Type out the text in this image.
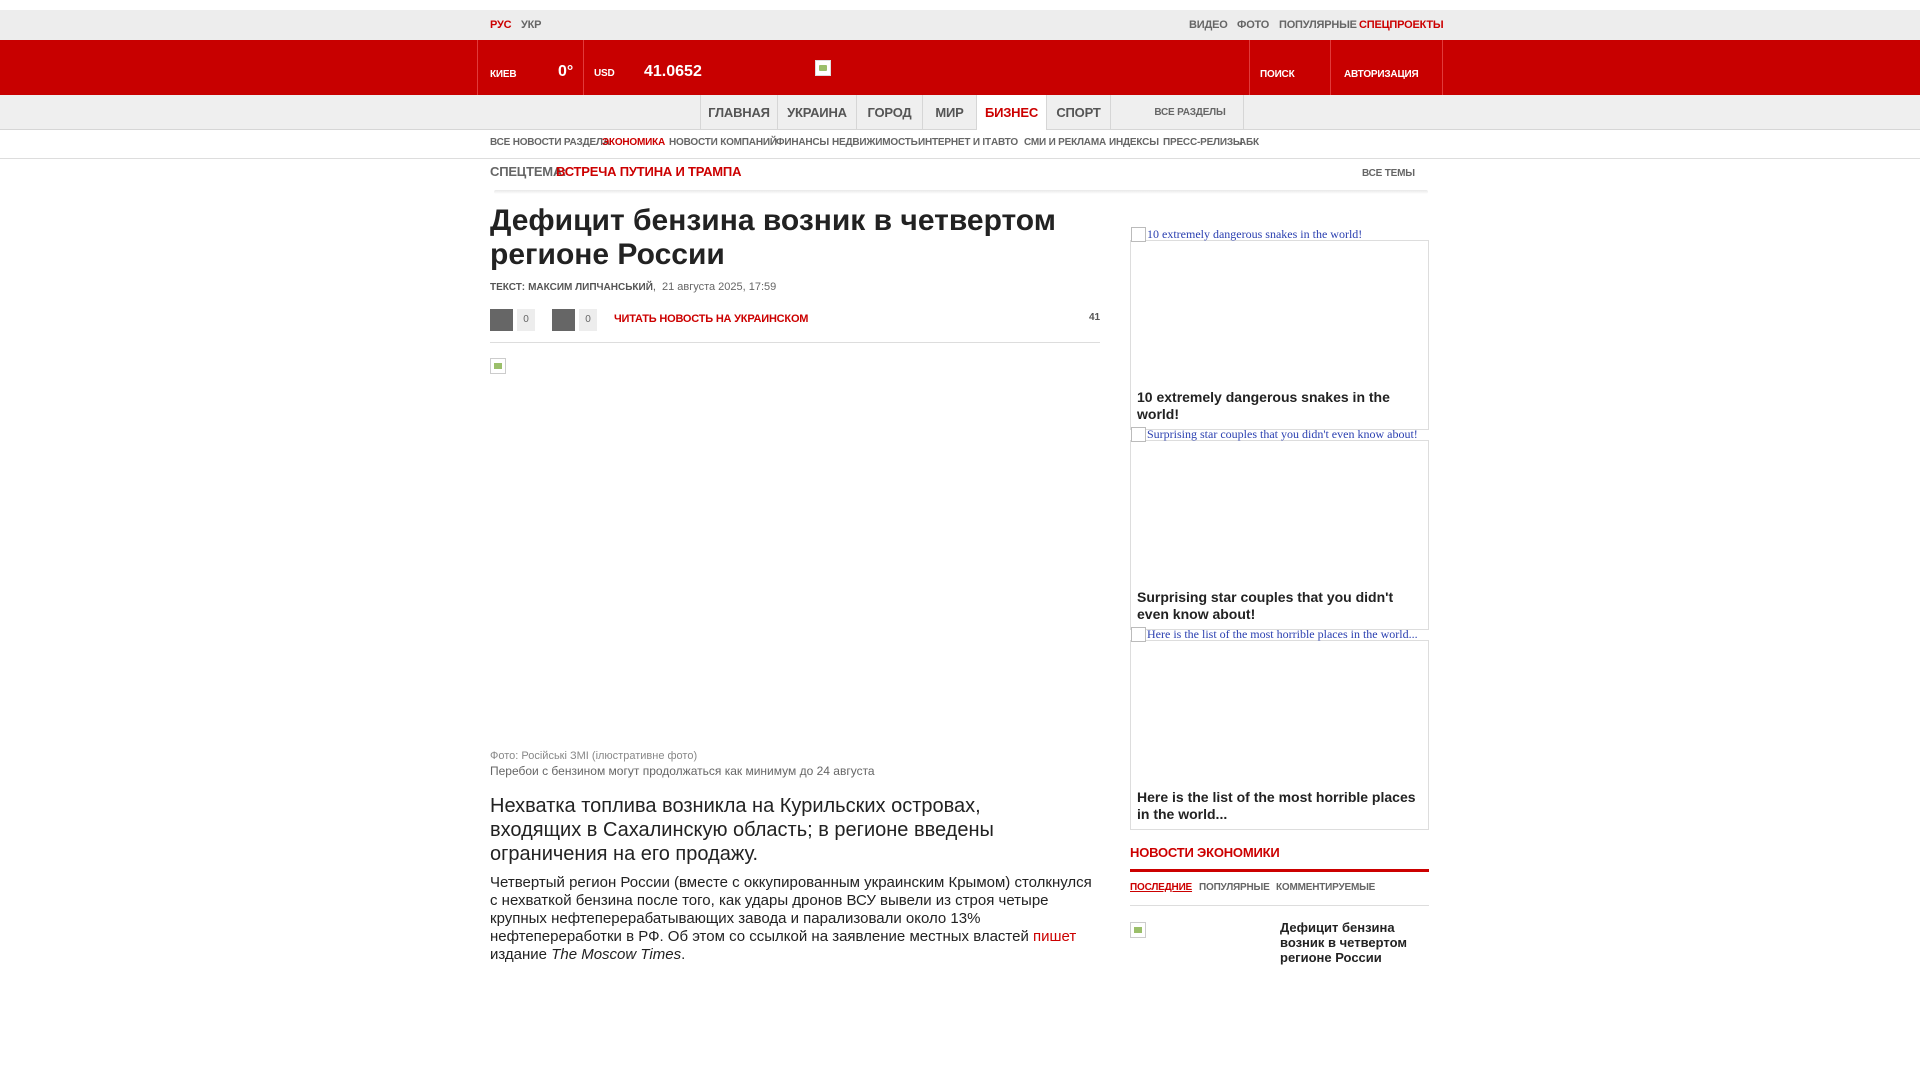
РУС УКР	ВИДЕО ФОТО ПОПУЛЯРНЫЕ СПЕЦПРОЕКТЫ
КИЕВ	0° USD 41.0652	ПОИСК	АВТОРИЗАЦИЯ
ГЛАВНАЯ	УКРАИНА	ГОРОД	МИР	БИЗНЕС	СПОРТ	ВСЕ РАЗДЕЛЫ
ВСЕ НОВОСТИ РАЗДЕЛА
ЭКОНОМИКА НОВОСТИ КОМПАНИЙ ФИНАНСЫ НЕДВИЖИМОСТЬ ИНТЕРНЕТ И IT АВТО СМИ И РЕКЛАМА ИНДЕКСЫ ПРЕСС-РЕЛИЗЫ
АБК
СПЕЦТЕМА:
ВСТРЕЧА ПУТИНА И ТРАМПА	ВСЕ ТЕМЫ
Дефицит бензина возник в четвертом регионе России
ТЕКСТ: МАКСИМ ЛИПЧАНСЬКИЙ, 21 августа 2025, 17:59
0	0	ЧИТАТЬ НОВОСТЬ НА УКРАИНСКОМ	41
Фото: Російські ЗМІ (ілюстративне фото)
Перебои с бензином могут продолжаться как минимум до 24 августа
Нехватка топлива возникла на Курильских островах, входящих в Сахалинскую область; в регионе введены ограничения на его продажу.
Четвертый регион России (вместе с оккупированным украинским Крымом) столкнулся с нехваткой бензина после того, как удары дронов ВСУ вывели из строя четыре крупных нефтеперерабатывающих завода и парализовали около 13% нефтепереработки в РФ. Об этом со ссылкой на заявление местных властей пишет издание The Moscow Times.
10 extremely dangerous snakes in the world!
10 extremely dangerous snakes in the world!
Surprising star couples that you didn't even know about!
Surprising star couples that you didn't even know about!
Here is the list of the most horrible places in the world...
Here is the list of the most horrible places in the world...
НОВОСТИ ЭКОНОМИКИ
ПОСЛЕДНИЕ ПОПУЛЯРНЫЕ КОММЕНТИРУЕМЫЕ
Дефицит бензина возник в четвертом регионе России
